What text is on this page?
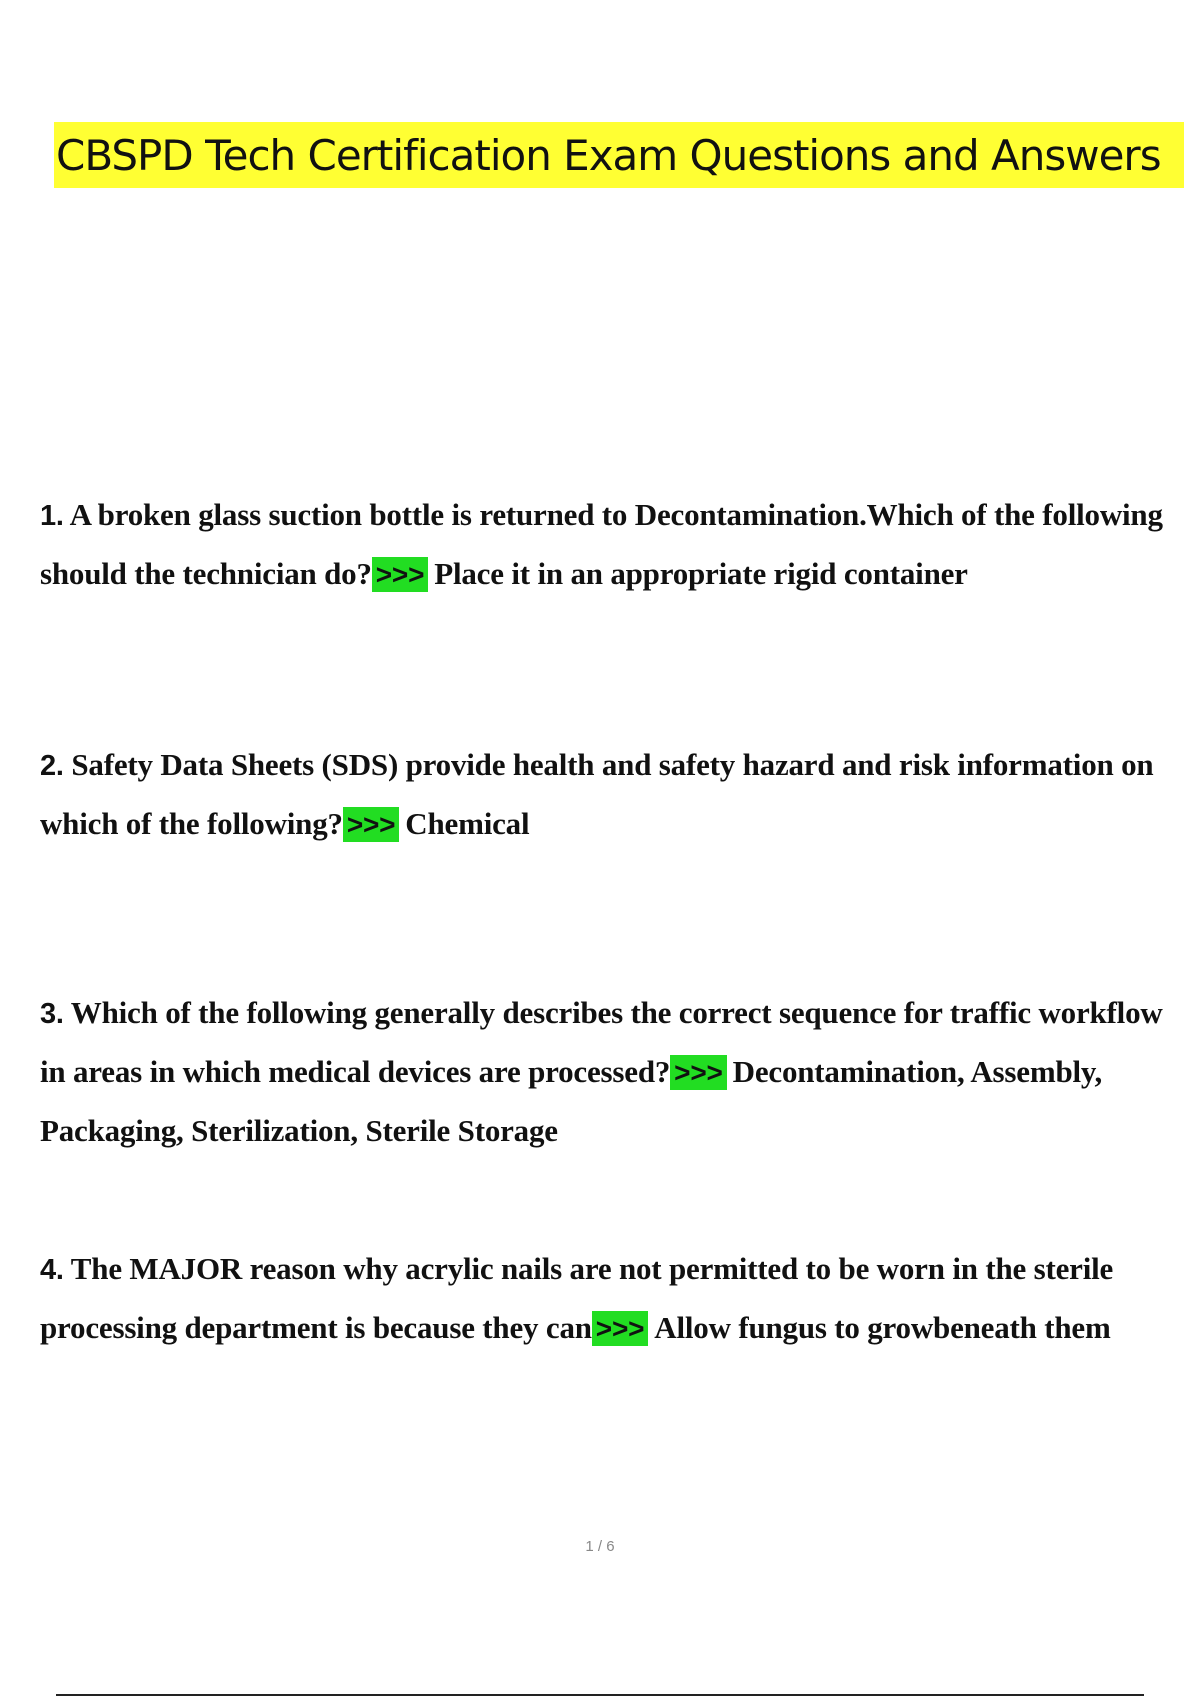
CBSPD Tech Certification Exam Questions and Answers
1. A broken glass suction bottle is returned to Decontamination.Which of the following should the technician do? >>> Place it in an appropriate rigid container
2. Safety Data Sheets (SDS) provide health and safety hazard and risk information on which of the following? >>> Chemical
3. Which of the following generally describes the correct sequence for traffic workflow in areas in which medical devices are processed? >>> Decontamination, Assembly, Packaging, Sterilization, Sterile Storage
4. The MAJOR reason why acrylic nails are not permitted to be worn in the sterile processing department is because they can >>> Allow fungus to growbeneath them
1 / 6
